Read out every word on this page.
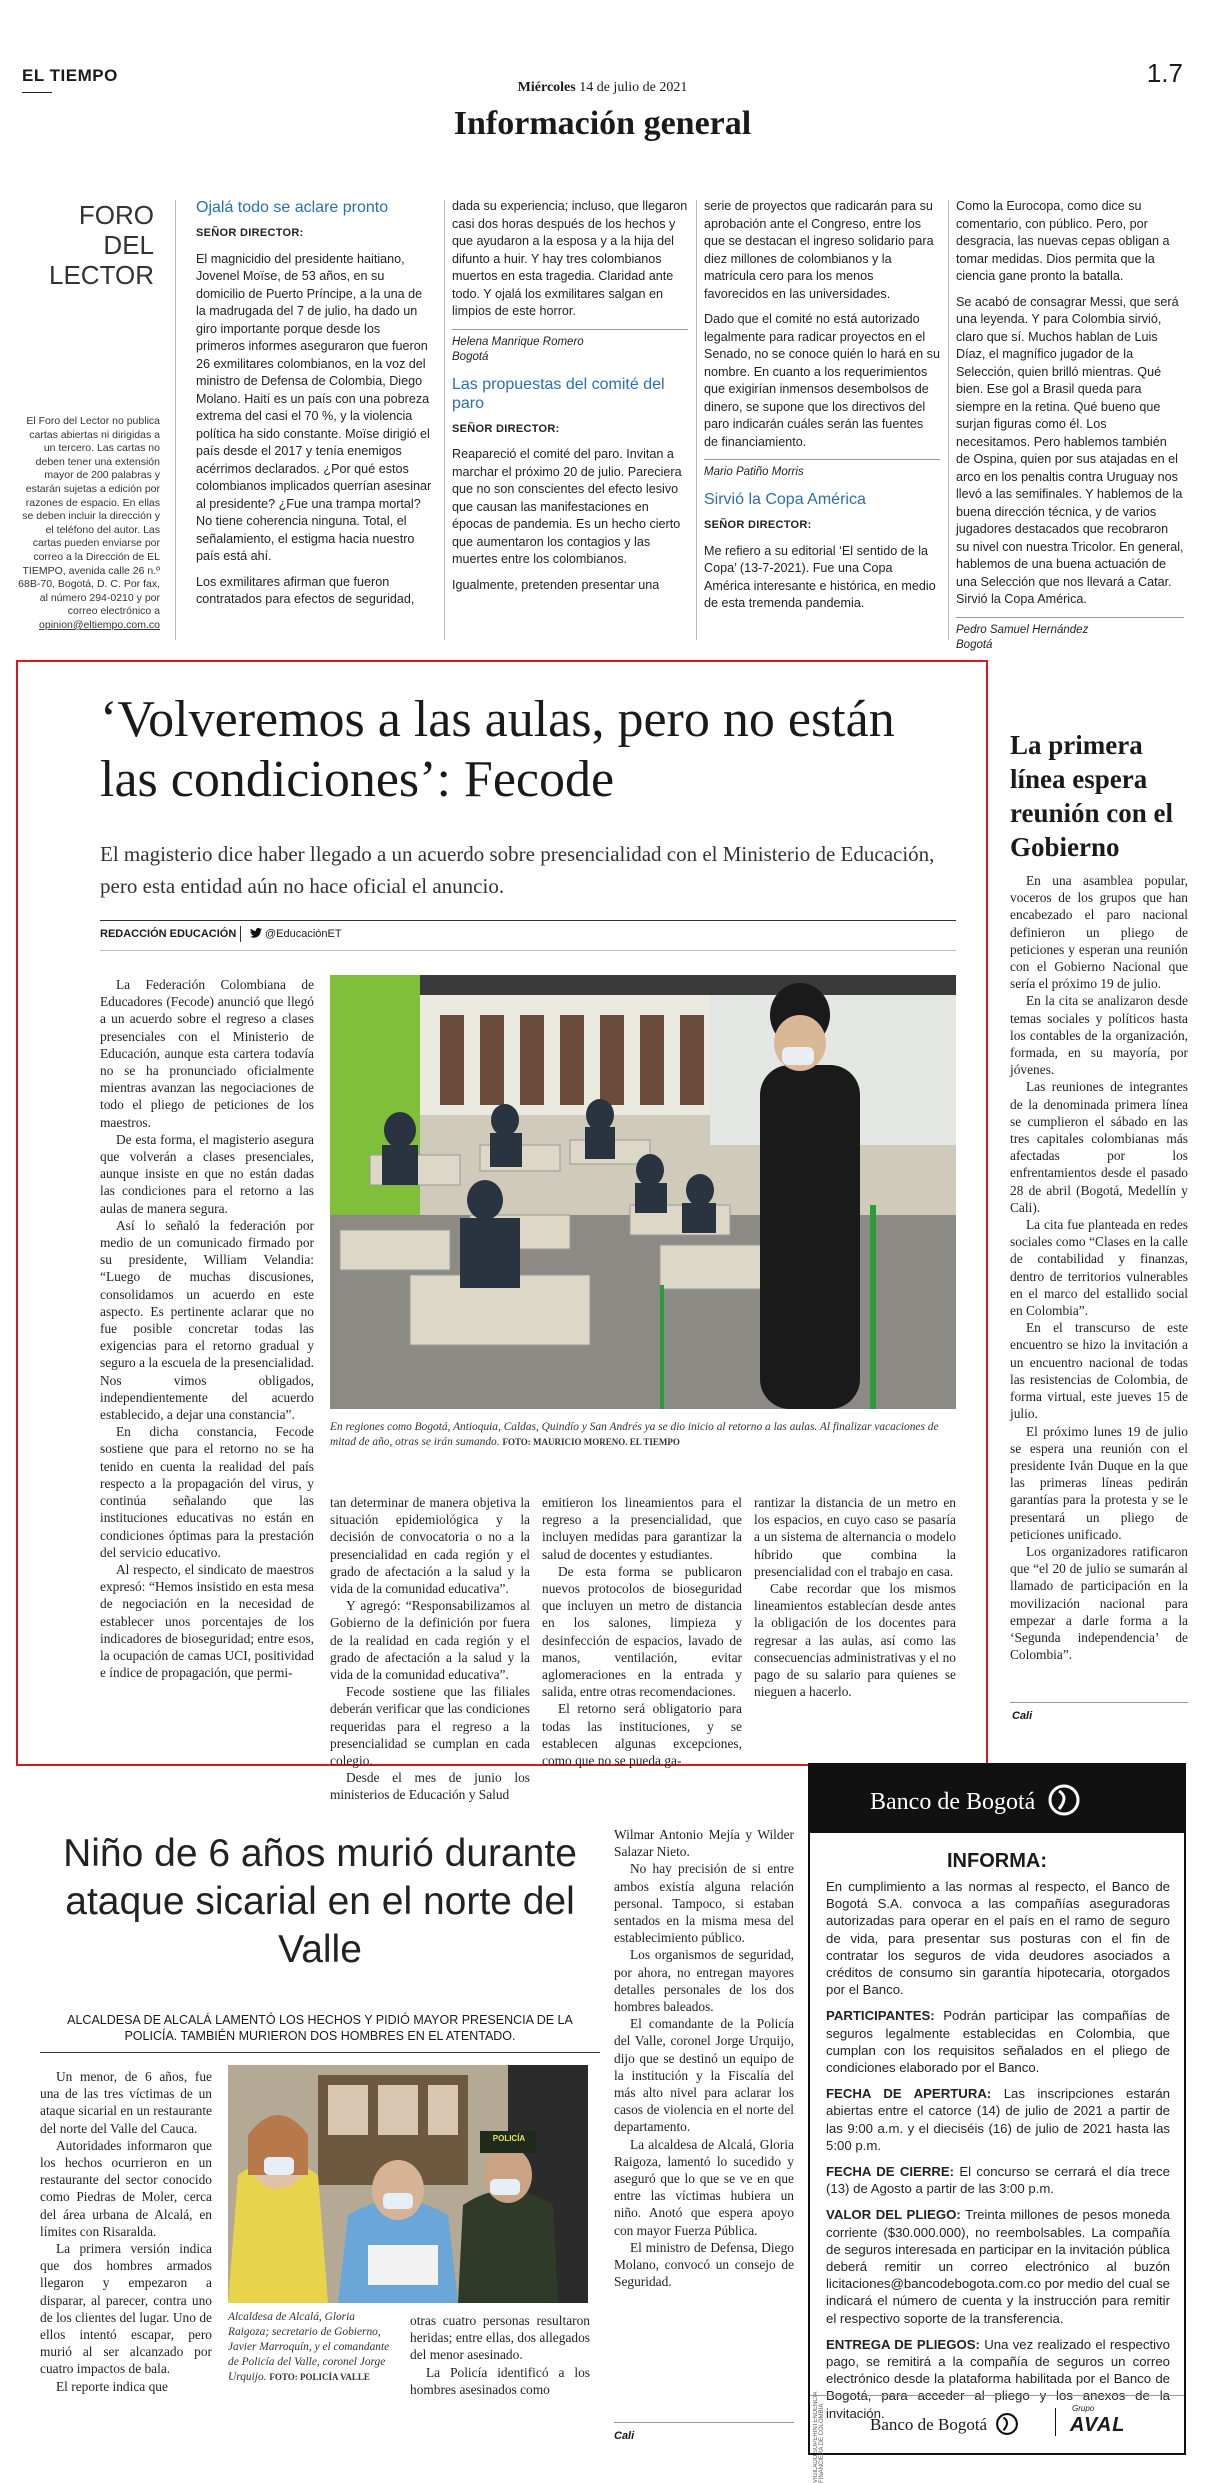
EL TIEMPO
Miércoles 14 de julio de 2021	1.7
Información general
FORO DEL
LECTOR
El Foro del Lector no publica cartas abiertas ni dirigidas a un tercero. Las cartas no deben tener una extensión mayor de 200 palabras y estarán sujetas a edición por razones de espacio. En ellas se deben incluir la dirección y el teléfono del autor. Las cartas pueden enviarse por correo a la Dirección de EL TIEMPO, avenida calle 26 n.º 68B-70, Bogotá, D. C. Por fax, al número 294-0210 y por correo electrónico a opinion@eltiempo.com.co
Ojalá todo se aclare pronto
SEÑOR DIRECTOR:

El magnicidio del presidente haitiano, Jovenel Moïse, de 53 años, en su domicilio de Puerto Príncipe, a la una de la madrugada del 7 de julio, ha dado un giro importante porque desde los primeros informes aseguraron que fueron 26 exmilitares colombianos, en la voz del ministro de Defensa de Colombia, Diego Molano. Haití es un país con una pobreza extrema del casi el 70 %, y la violencia política ha sido constante. Moïse dirigió el país desde el 2017 y tenía enemigos acérrimos declarados. ¿Por qué estos colombianos implicados querrían asesinar al presidente? ¿Fue una trampa mortal? No tiene coherencia ninguna. Total, el señalamiento, el estigma hacia nuestro país está ahí.

Los exmilitares afirman que fueron contratados para efectos de seguridad,

dada su experiencia; incluso, que llegaron casi dos horas después de los hechos y que ayudaron a la esposa y a la hija del difunto a huir. Y hay tres colombianos muertos en esta tragedia. Claridad ante todo. Y ojalá los exmilitares salgan en limpios de este horror.

Helena Manrique Romero
Bogotá
Las propuestas del comité del paro
SEÑOR DIRECTOR:

Reapareció el comité del paro. Invitan a marchar el próximo 20 de julio. Pareciera que no son conscientes del efecto lesivo que causan las manifestaciones en épocas de pandemia. Es un hecho cierto que aumentaron los contagios y las muertes entre los colombianos.

Igualmente, pretenden presentar una

serie de proyectos que radicarán para su aprobación ante el Congreso, entre los que se destacan el ingreso solidario para diez millones de colombianos y la matrícula cero para los menos favorecidos en las universidades.

Dado que el comité no está autorizado legalmente para radicar proyectos en el Senado, no se conoce quién lo hará en su nombre. En cuanto a los requerimientos que exigirían inmensos desembolsos de dinero, se supone que los directivos del paro indicarán cuáles serán las fuentes de financiamiento.

Mario Patiño Morris
Sirvió la Copa América
SEÑOR DIRECTOR:

Me refiero a su editorial ‘El sentido de la Copa’ (13-7-2021). Fue una Copa América interesante e histórica, en medio de esta tremenda pandemia.

Como la Eurocopa, como dice su comentario, con público. Pero, por desgracia, las nuevas cepas obligan a tomar medidas. Dios permita que la ciencia gane pronto la batalla.

Se acabó de consagrar Messi, que será una leyenda. Y para Colombia sirvió, claro que sí. Muchos hablan de Luis Díaz, el magnífico jugador de la Selección, quien brilló mientras. Qué bien. Ese gol a Brasil queda para siempre en la retina. Qué bueno que surjan figuras como él. Los necesitamos. Pero hablemos también de Ospina, quien por sus atajadas en el arco en los penaltis contra Uruguay nos llevó a las semifinales. Y hablemos de la buena dirección técnica, y de varios jugadores destacados que recobraron su nivel con nuestra Tricolor. En general, hablemos de una buena actuación de una Selección que nos llevará a Catar. Sirvió la Copa América.

Pedro Samuel Hernández
Bogotá
‘Volveremos a las aulas, pero no están las condiciones’: Fecode
El magisterio dice haber llegado a un acuerdo sobre presencialidad con el Ministerio de Educación, pero esta entidad aún no hace oficial el anuncio.
REDACCIÓN EDUCACIÓN	@EducaciónET

La Federación Colombiana de Educadores (Fecode) anunció que llegó a un acuerdo sobre el regreso a clases presenciales con el Ministerio de Educación, aunque esta cartera todavía no se ha pronunciado oficialmente mientras avanzan las negociaciones de todo el pliego de peticiones de los maestros.

De esta forma, el magisterio asegura que volverán a clases presenciales, aunque insiste en que no están dadas las condiciones para el retorno a las aulas de manera segura.

Así lo señaló la federación por medio de un comunicado firmado por su presidente, William Velandia: “Luego de muchas discusiones, consolidamos un acuerdo en este aspecto. Es pertinente aclarar que no fue posible concretar todas las exigencias para el retorno gradual y seguro a la escuela de la presencialidad. Nos vimos obligados, independientemente del acuerdo establecido, a dejar una constancia”.

En dicha constancia, Fecode sostiene que para el retorno no se ha tenido en cuenta la realidad del país respecto a la propagación del virus, y continúa señalando que las instituciones educativas no están en condiciones óptimas para la prestación del servicio educativo.

Al respecto, el sindicato de maestros expresó: “Hemos insistido en esta mesa de negociación en la necesidad de establecer unos porcentajes de los indicadores de bioseguridad; entre esos, la ocupación de camas UCI, positividad e índice de propagación, que permi-

En regiones como Bogotá, Antioquia, Caldas, Quindío y San Andrés ya se dio inicio al retorno a las aulas. Al finalizar vacaciones de mitad de año, otras se irán sumando. FOTO: MAURICIO MORENO. EL TIEMPO

tan determinar de manera objetiva la situación epidemiológica y la decisión de convocatoria o no a la presencialidad en cada región y el grado de afectación a la salud y la vida de la comunidad educativa”.

Y agregó: “Responsabilizamos al Gobierno de la definición por fuera de la realidad en cada región y el grado de afectación a la salud y la vida de la comunidad educativa”.

Fecode sostiene que las filiales deberán verificar que las condiciones requeridas para el regreso a la presencialidad se cumplan en cada colegio.

Desde el mes de junio los ministerios de Educación y Salud

emitieron los lineamientos para el regreso a la presencialidad, que incluyen medidas para garantizar la salud de docentes y estudiantes.

De esta forma se publicaron nuevos protocolos de bioseguridad que incluyen un metro de distancia en los salones, limpieza y desinfección de espacios, lavado de manos, ventilación, evitar aglomeraciones en la entrada y salida, entre otras recomendaciones.

El retorno será obligatorio para todas las instituciones, y se establecen algunas excepciones, como que no se pueda ga-

rantizar la distancia de un metro en los espacios, en cuyo caso se pasaría a un sistema de alternancia o modelo híbrido que combina la presencialidad con el trabajo en casa.

Cabe recordar que los mismos lineamientos establecían desde antes la obligación de los docentes para regresar a las aulas, así como las consecuencias administrativas y el no pago de su salario para quienes se nieguen a hacerlo.

La primera línea espera reunión con el Gobierno

En una asamblea popular, voceros de los grupos que han encabezado el paro nacional definieron un pliego de peticiones y esperan una reunión con el Gobierno Nacional que sería el próximo 19 de julio.

En la cita se analizaron desde temas sociales y políticos hasta los contables de la organización, formada, en su mayoría, por jóvenes.

Las reuniones de integrantes de la denominada primera línea se cumplieron el sábado en las tres capitales colombianas más afectadas por los enfrentamientos desde el pasado 28 de abril (Bogotá, Medellín y Cali).

La cita fue planteada en redes sociales como “Clases en la calle de contabilidad y finanzas, dentro de territorios vulnerables en el marco del estallido social en Colombia”.

En el transcurso de este encuentro se hizo la invitación a un encuentro nacional de todas las resistencias de Colombia, de forma virtual, este jueves 15 de julio.

El próximo lunes 19 de julio se espera una reunión con el presidente Iván Duque en la que las primeras líneas pedirán garantías para la protesta y se le presentará un pliego de peticiones unificado.

Los organizadores ratificaron que “el 20 de julio se sumarán al llamado de participación en la movilización nacional para empezar a darle forma a la ‘Segunda independencia’ de Colombia”.

Cali
Niño de 6 años murió durante ataque sicarial en el norte del Valle
ALCALDESA DE ALCALÁ LAMENTÓ LOS HECHOS Y PIDIÓ MAYOR PRESENCIA DE LA POLICÍA. TAMBIÉN MURIERON DOS HOMBRES EN EL ATENTADO.

Un menor, de 6 años, fue una de las tres víctimas de un ataque sicarial en un restaurante del norte del Valle del Cauca.

Autoridades informaron que los hechos ocurrieron en un restaurante del sector conocido como Piedras de Moler, cerca del área urbana de Alcalá, en límites con Risaralda.

La primera versión indica que dos hombres armados llegaron y empezaron a disparar, al parecer, contra uno de los clientes del lugar. Uno de ellos intentó escapar, pero murió al ser alcanzado por cuatro impactos de bala.

El reporte indica que

POLICÍA
Alcaldesa de Alcalá, Gloria Raigoza; secretario de Gobierno, Javier Marroquín, y el comandante de Policía del Valle, coronel Jorge Urquijo. FOTO: POLICÍA VALLE

otras cuatro personas resultaron heridas; entre ellas, dos allegados del menor asesinado.

La Policía identificó a los hombres asesinados como

Wilmar Antonio Mejía y Wilder Salazar Nieto.

No hay precisión de si entre ambos existía alguna relación personal. Tampoco, si estaban sentados en la misma mesa del establecimiento público.

Los organismos de seguridad, por ahora, no entregan mayores detalles personales de los dos hombres baleados.

El comandante de la Policía del Valle, coronel Jorge Urquijo, dijo que se destinó un equipo de la institución y la Fiscalía del más alto nivel para aclarar los casos de violencia en el norte del departamento.

La alcaldesa de Alcalá, Gloria Raigoza, lamentó lo sucedido y aseguró que lo que se ve en que entre las víctimas hubiera un niño. Anotó que espera apoyo con mayor Fuerza Pública.

El ministro de Defensa, Diego Molano, convocó un consejo de Seguridad.

Cali
Banco de Bogotá
INFORMA:

En cumplimiento a las normas al respecto, el Banco de Bogotá S.A. convoca a las compañías aseguradoras autorizadas para operar en el país en el ramo de seguro de vida, para presentar sus posturas con el fin de contratar los seguros de vida deudores asociados a créditos de consumo sin garantía hipotecaria, otorgados por el Banco.

PARTICIPANTES: Podrán participar las compañías de seguros legalmente establecidas en Colombia, que cumplan con los requisitos señalados en el pliego de condiciones elaborado por el Banco.

FECHA DE APERTURA: Las inscripciones estarán abiertas entre el catorce (14) de julio de 2021 a partir de las 9:00 a.m. y el dieciséis (16) de julio de 2021 hasta las 5:00 p.m.

FECHA DE CIERRE: El concurso se cerrará el día trece (13) de Agosto a partir de las 3:00 p.m.

VALOR DEL PLIEGO: Treinta millones de pesos moneda corriente ($30.000.000), no reembolsables. La compañía de seguros interesada en participar en la invitación pública deberá remitir un correo electrónico al buzón licitaciones@bancodebogota.com.co por medio del cual se indicará el número de cuenta y la instrucción para remitir el respectivo soporte de la transferencia.

ENTREGA DE PLIEGOS: Una vez realizado el respectivo pago, se remitirá a la compañía de seguros un correo electrónico desde la plataforma habilitada por el Banco de Bogotá, para acceder al pliego y los anexos de la invitación.

VIGILADO SUPERINTENDENCIA FINANCIERA DE COLOMBIA	Banco de Bogotá
Grupo
AVAL
